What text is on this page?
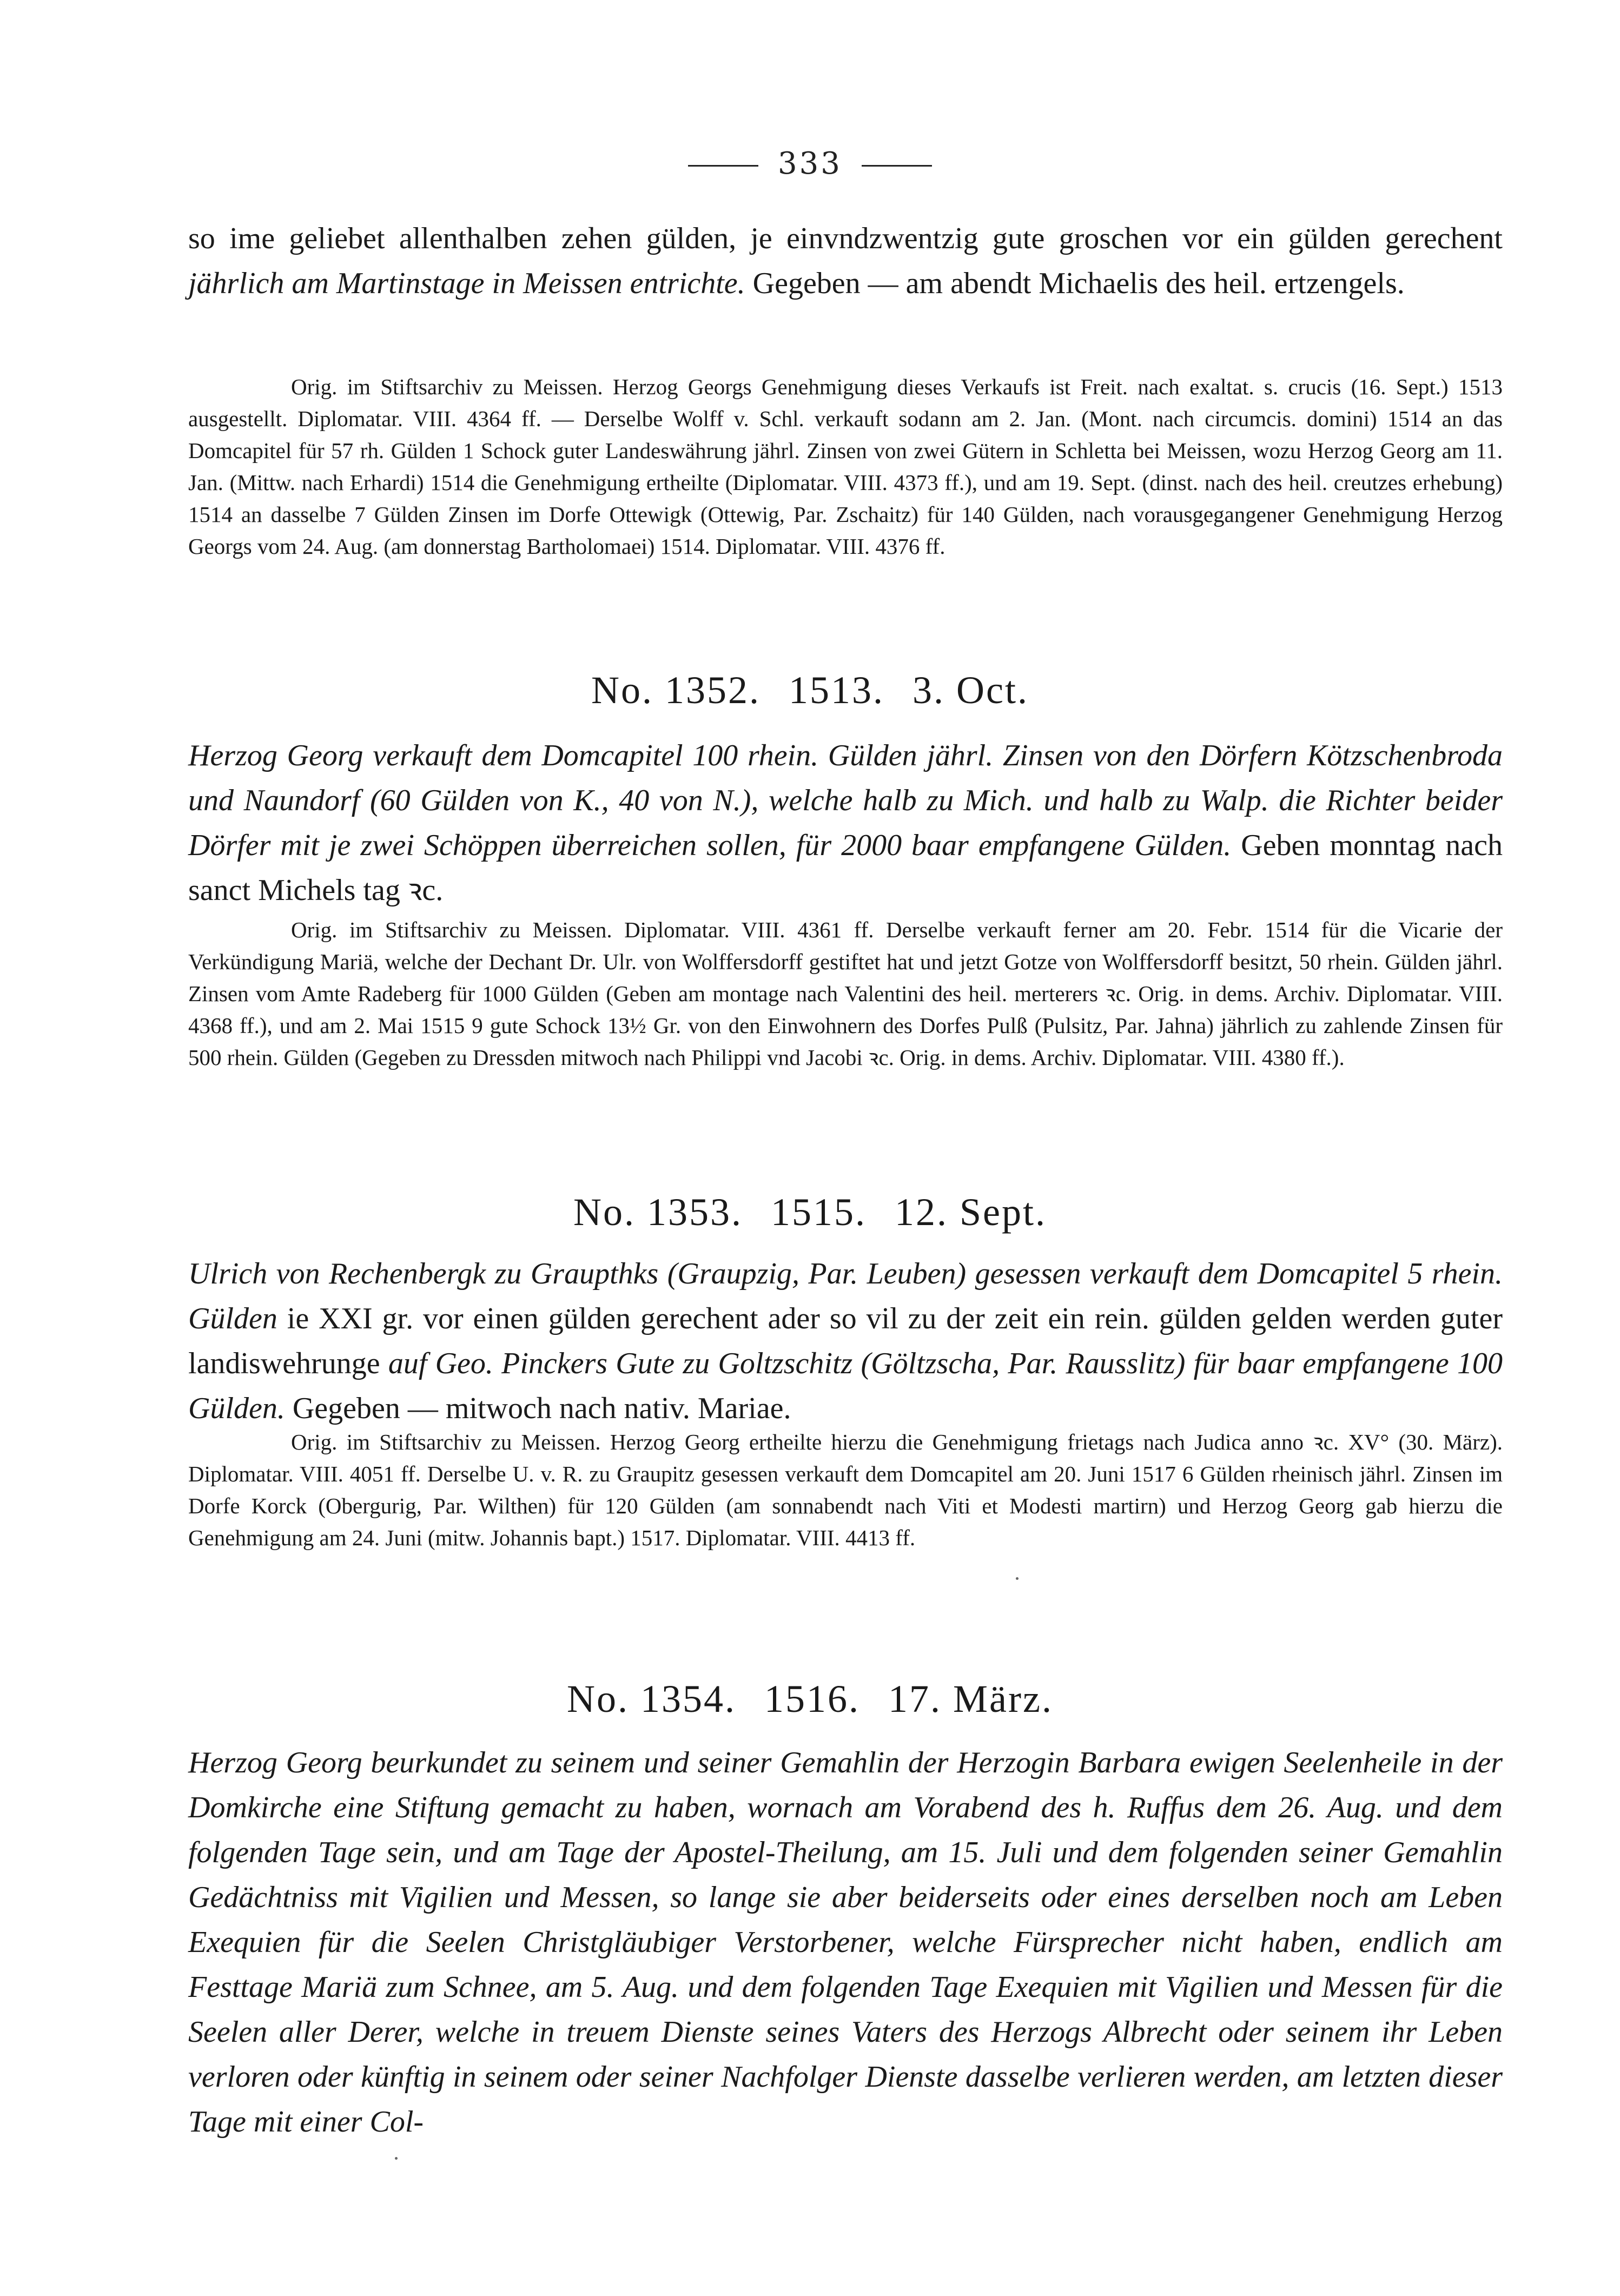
333

so ime geliebet allenthalben zehen gülden, je einvndzwentzig gute groschen vor ein gülden gerechent jährlich am Martinstage in Meissen entrichte. Gegeben — am abendt Michaelis des heil. ertzengels.

Orig. im Stiftsarchiv zu Meissen. Herzog Georgs Genehmigung dieses Verkaufs ist Freit. nach exaltat. s. crucis (16. Sept.) 1513 ausgestellt. Diplomatar. VIII. 4364 ff. — Derselbe Wolff v. Schl. verkauft sodann am 2. Jan. (Mont. nach circumcis. domini) 1514 an das Domcapitel für 57 rh. Gülden 1 Schock guter Landeswährung jährl. Zinsen von zwei Gütern in Schletta bei Meissen, wozu Herzog Georg am 11. Jan. (Mittw. nach Erhardi) 1514 die Genehmigung ertheilte (Diplomatar. VIII. 4373 ff.), und am 19. Sept. (dinst. nach des heil. creutzes erhebung) 1514 an dasselbe 7 Gülden Zinsen im Dorfe Ottewigk (Ottewig, Par. Zschaitz) für 140 Gülden, nach vorausgegangener Genehmigung Herzog Georgs vom 24. Aug. (am donnerstag Bartholomaei) 1514. Diplomatar. VIII. 4376 ff.

No. 1352. 1513. 3. Oct.

Herzog Georg verkauft dem Domcapitel 100 rhein. Gülden jährl. Zinsen von den Dörfern Kötzschenbroda und Naundorf (60 Gülden von K., 40 von N.), welche halb zu Mich. und halb zu Walp. die Richter beider Dörfer mit je zwei Schöppen überreichen sollen, für 2000 baar empfangene Gülden. Geben monntag nach sanct Michels tag ꝛc.

Orig. im Stiftsarchiv zu Meissen. Diplomatar. VIII. 4361 ff. Derselbe verkauft ferner am 20. Febr. 1514 für die Vicarie der Verkündigung Mariä, welche der Dechant Dr. Ulr. von Wolffersdorff gestiftet hat und jetzt Gotze von Wolffersdorff besitzt, 50 rhein. Gülden jährl. Zinsen vom Amte Radeberg für 1000 Gülden (Geben am montage nach Valentini des heil. merterers ꝛc. Orig. in dems. Archiv. Diplomatar. VIII. 4368 ff.), und am 2. Mai 1515 9 gute Schock 13½ Gr. von den Einwohnern des Dorfes Pulß (Pulsitz, Par. Jahna) jährlich zu zahlende Zinsen für 500 rhein. Gülden (Gegeben zu Dressden mitwoch nach Philippi vnd Jacobi ꝛc. Orig. in dems. Archiv. Diplomatar. VIII. 4380 ff.).

No. 1353. 1515. 12. Sept.

Ulrich von Rechenbergk zu Graupthks (Graupzig, Par. Leuben) gesessen verkauft dem Domcapitel 5 rhein. Gülden ie XXI gr. vor einen gülden gerechent ader so vil zu der zeit ein rein. gülden gelden werden guter landiswehrunge auf Geo. Pinckers Gute zu Goltzschitz (Göltzscha, Par. Rausslitz) für baar empfangene 100 Gülden. Gegeben — mitwoch nach nativ. Mariae.

Orig. im Stiftsarchiv zu Meissen. Herzog Georg ertheilte hierzu die Genehmigung frietags nach Judica anno ꝛc. XV° (30. März). Diplomatar. VIII. 4051 ff. Derselbe U. v. R. zu Graupitz gesessen verkauft dem Domcapitel am 20. Juni 1517 6 Gülden rheinisch jährl. Zinsen im Dorfe Korck (Obergurig, Par. Wilthen) für 120 Gülden (am sonnabendt nach Viti et Modesti martirn) und Herzog Georg gab hierzu die Genehmigung am 24. Juni (mitw. Johannis bapt.) 1517. Diplomatar. VIII. 4413 ff.

No. 1354. 1516. 17. März.

Herzog Georg beurkundet zu seinem und seiner Gemahlin der Herzogin Barbara ewigen Seelenheile in der Domkirche eine Stiftung gemacht zu haben, wornach am Vorabend des h. Ruffus dem 26. Aug. und dem folgenden Tage sein, und am Tage der Apostel-Theilung, am 15. Juli und dem folgenden seiner Gemahlin Gedächtniss mit Vigilien und Messen, so lange sie aber beiderseits oder eines derselben noch am Leben Exequien für die Seelen Christgläubiger Verstorbener, welche Fürsprecher nicht haben, endlich am Festtage Mariä zum Schnee, am 5. Aug. und dem folgenden Tage Exequien mit Vigilien und Messen für die Seelen aller Derer, welche in treuem Dienste seines Vaters des Herzogs Albrecht oder seinem ihr Leben verloren oder künftig in seinem oder seiner Nachfolger Dienste dasselbe verlieren werden, am letzten dieser Tage mit einer Col-
